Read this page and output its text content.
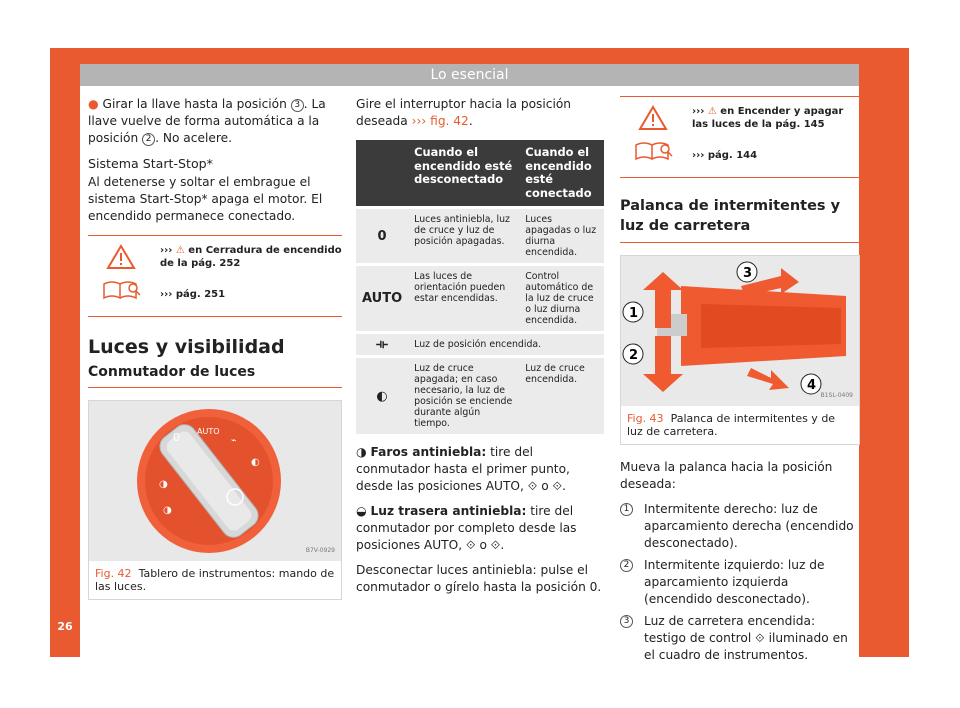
Lo esencial
26

● Girar la llave hasta la posición 3 . La llave vuelve de forma automática a la posición 2 . No acelere.

Sistema Start-Stop*

Al detenerse y soltar el embrague el sistema Start-Stop* apaga el motor. El encendido permanece conectado.

››› ⚠ en Cerradura de encendido de la pág. 252
››› pág. 251
Luces y visibilidad
Conmutador de luces
0 AUTO
⌁
◐
◑
◑
B7V-0929
Fig. 42 Tablero de instrumentos: mando de las luces.

Gire el interruptor hacia la posición deseada ››› fig. 42.

	Cuando el encendido esté desconectado	Cuando el encendido esté conectado
0	Luces antiniebla, luz de cruce y luz de posición apagadas.	Luces apagadas o luz diurna encendida.
AUTO	Las luces de orientación pueden estar encendidas.	Control automático de la luz de cruce o luz diurna encendida.
⟛	Luz de posición encendida.	
◐	Luz de cruce apagada; en caso necesario, la luz de posición se enciende durante algún tiempo.	Luz de cruce encendida.

◑ Faros antiniebla: tire del conmutador hasta el primer punto, desde las posiciones AUTO, ⟐ o ⟐.

◒ Luz trasera antiniebla: tire del conmutador por completo desde las posiciones AUTO, ⟐ o ⟐.

Desconectar luces antiniebla: pulse el conmutador o gírelo hasta la posición 0.

››› ⚠ en Encender y apagar las luces de la pág. 145
››› pág. 144
Palanca de intermitentes y luz de carretera
1
2
3
4
B1SL-0409
Fig. 43 Palanca de intermitentes y de luz de carretera.

Mueva la palanca hacia la posición deseada:

1 Intermitente derecho: luz de aparcamiento derecha (encendido desconectado).
2 Intermitente izquierdo: luz de aparcamiento izquierda (encendido desconectado).
3 Luz de carretera encendida: testigo de control ⟐ iluminado en el cuadro de instrumentos.
